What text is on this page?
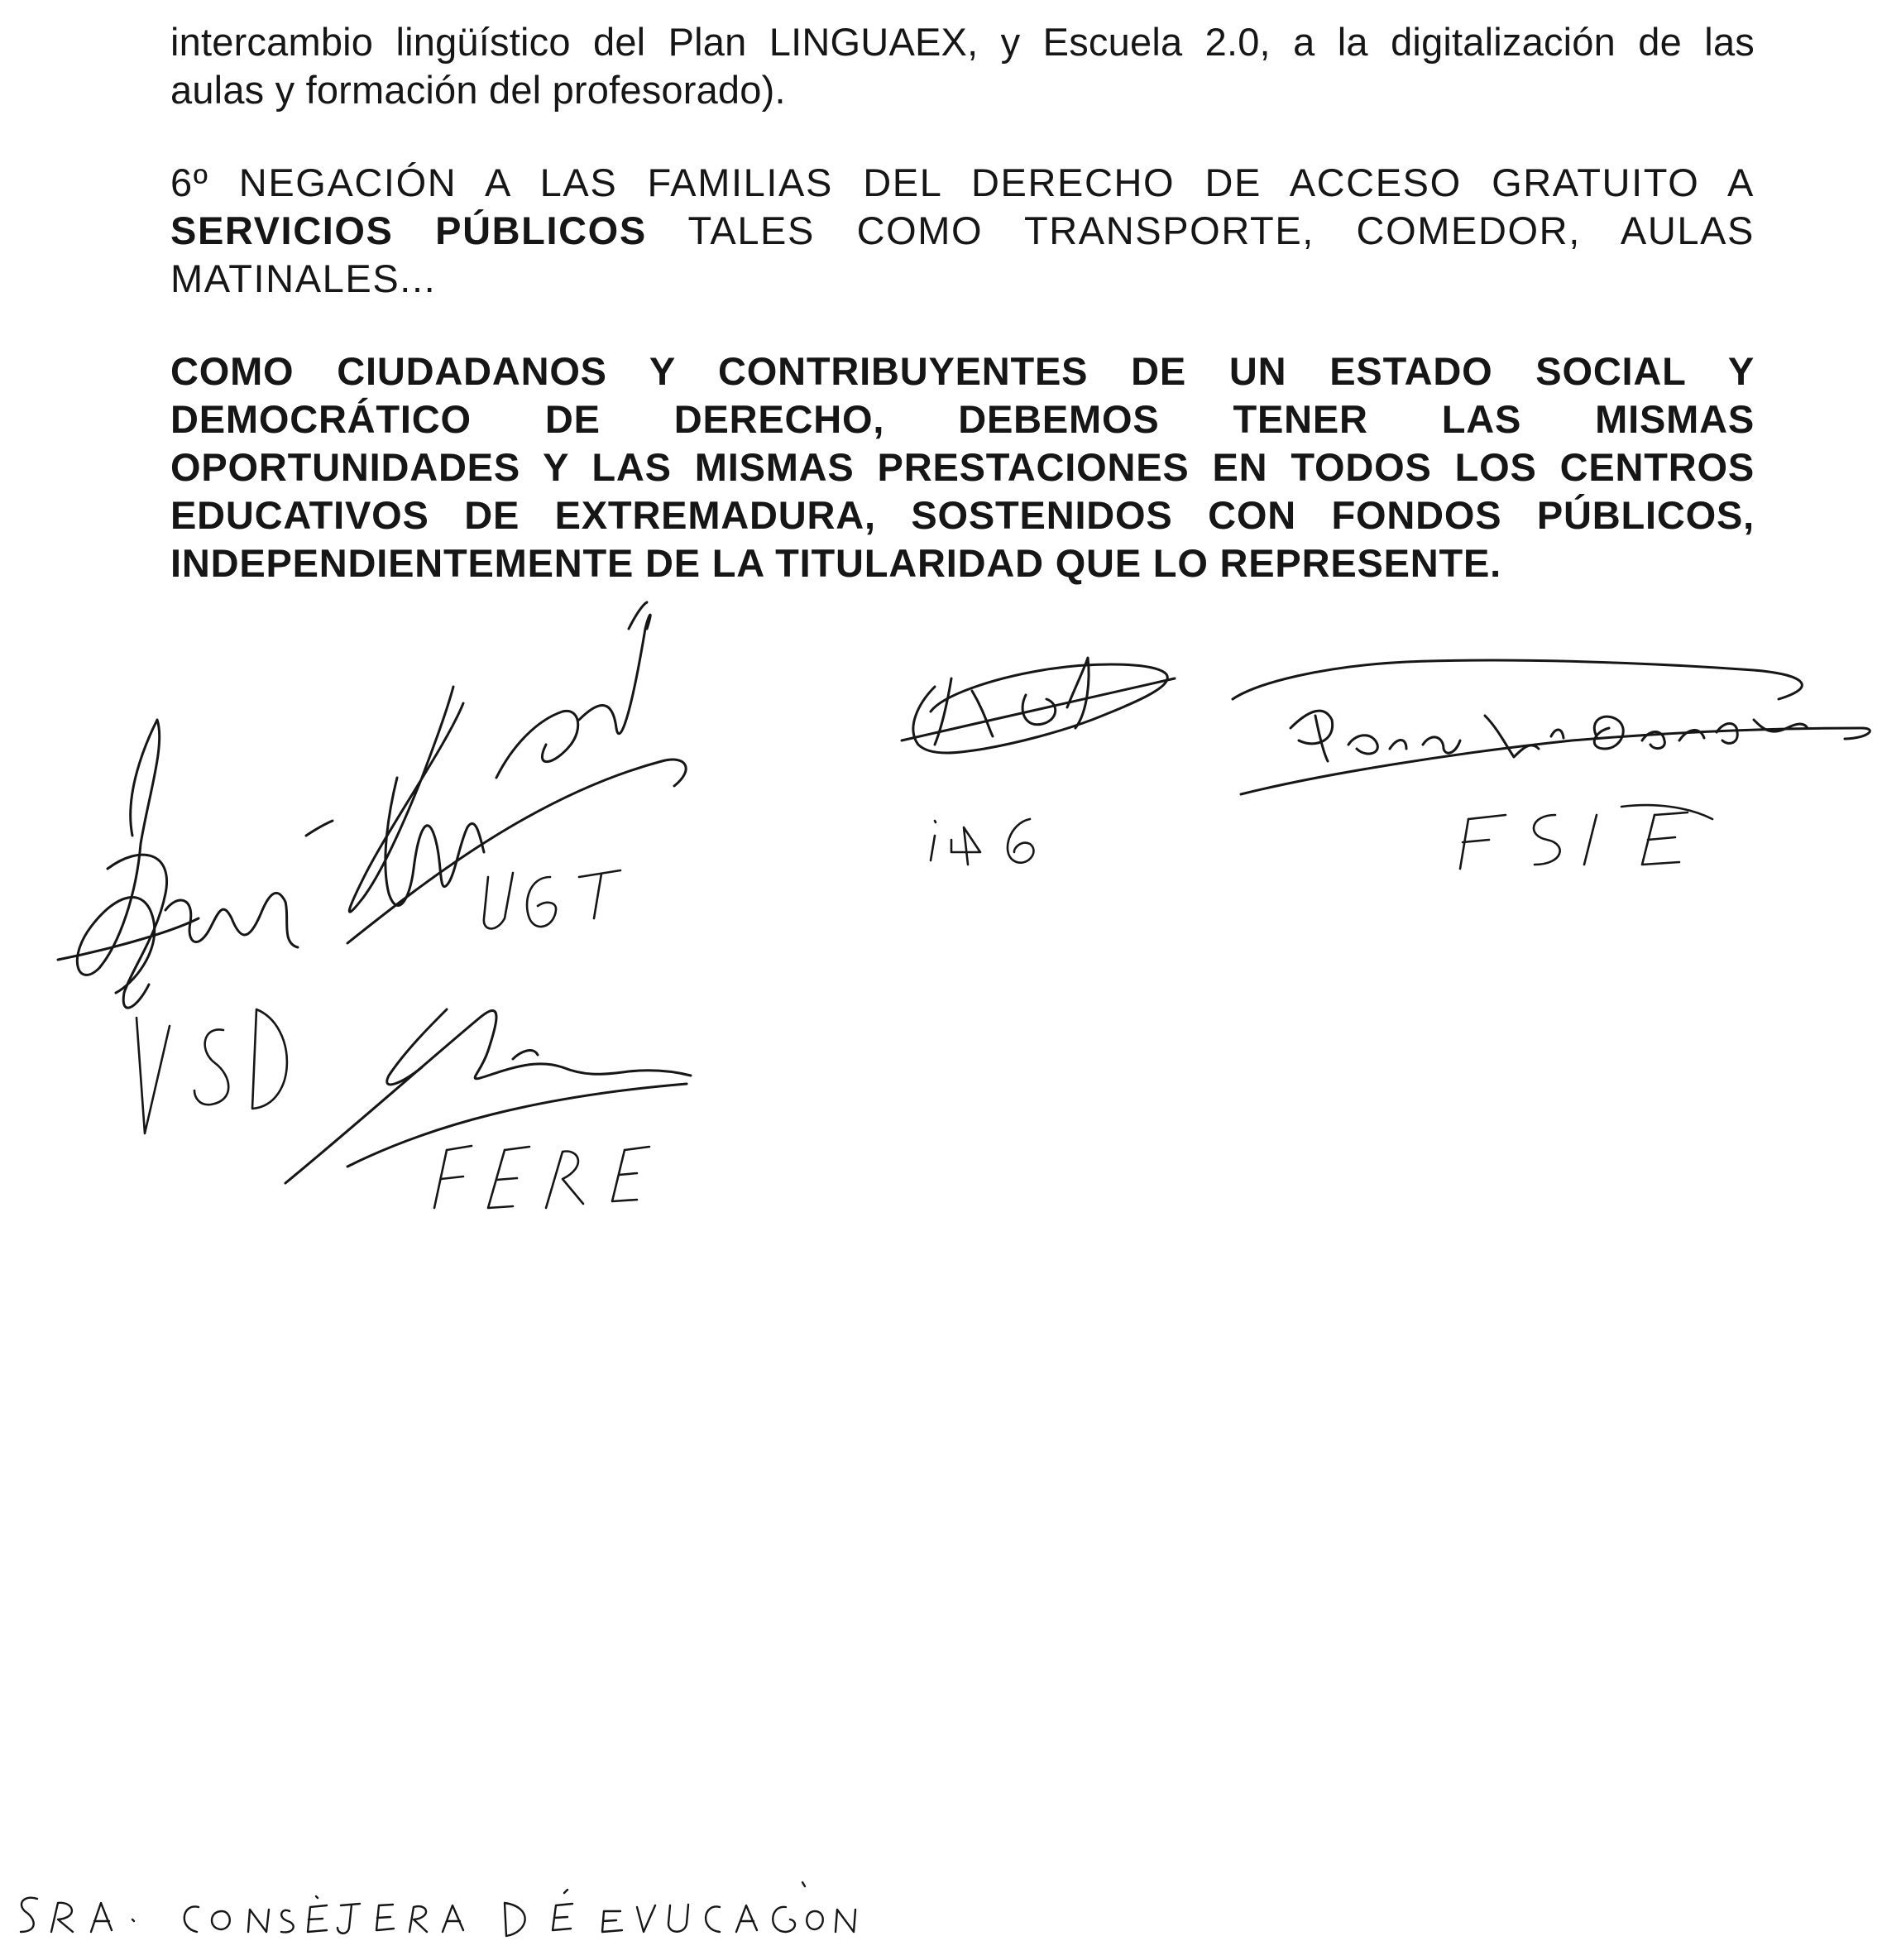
intercambio lingüístico del Plan LINGUAEX, y Escuela 2.0, a la digitalización de las
aulas y formación del profesorado).
6º NEGACIÓN A LAS FAMILIAS DEL DERECHO DE ACCESO GRATUITO A
SERVICIOS PÚBLICOS TALES COMO TRANSPORTE, COMEDOR, AULAS
MATINALES...
COMO CIUDADANOS Y CONTRIBUYENTES DE UN ESTADO SOCIAL Y
DEMOCRÁTICO DE DERECHO, DEBEMOS TENER LAS MISMAS
OPORTUNIDADES Y LAS MISMAS PRESTACIONES EN TODOS LOS CENTROS
EDUCATIVOS DE EXTREMADURA, SOSTENIDOS CON FONDOS PÚBLICOS,
INDEPENDIENTEMENTE DE LA TITULARIDAD QUE LO REPRESENTE.
